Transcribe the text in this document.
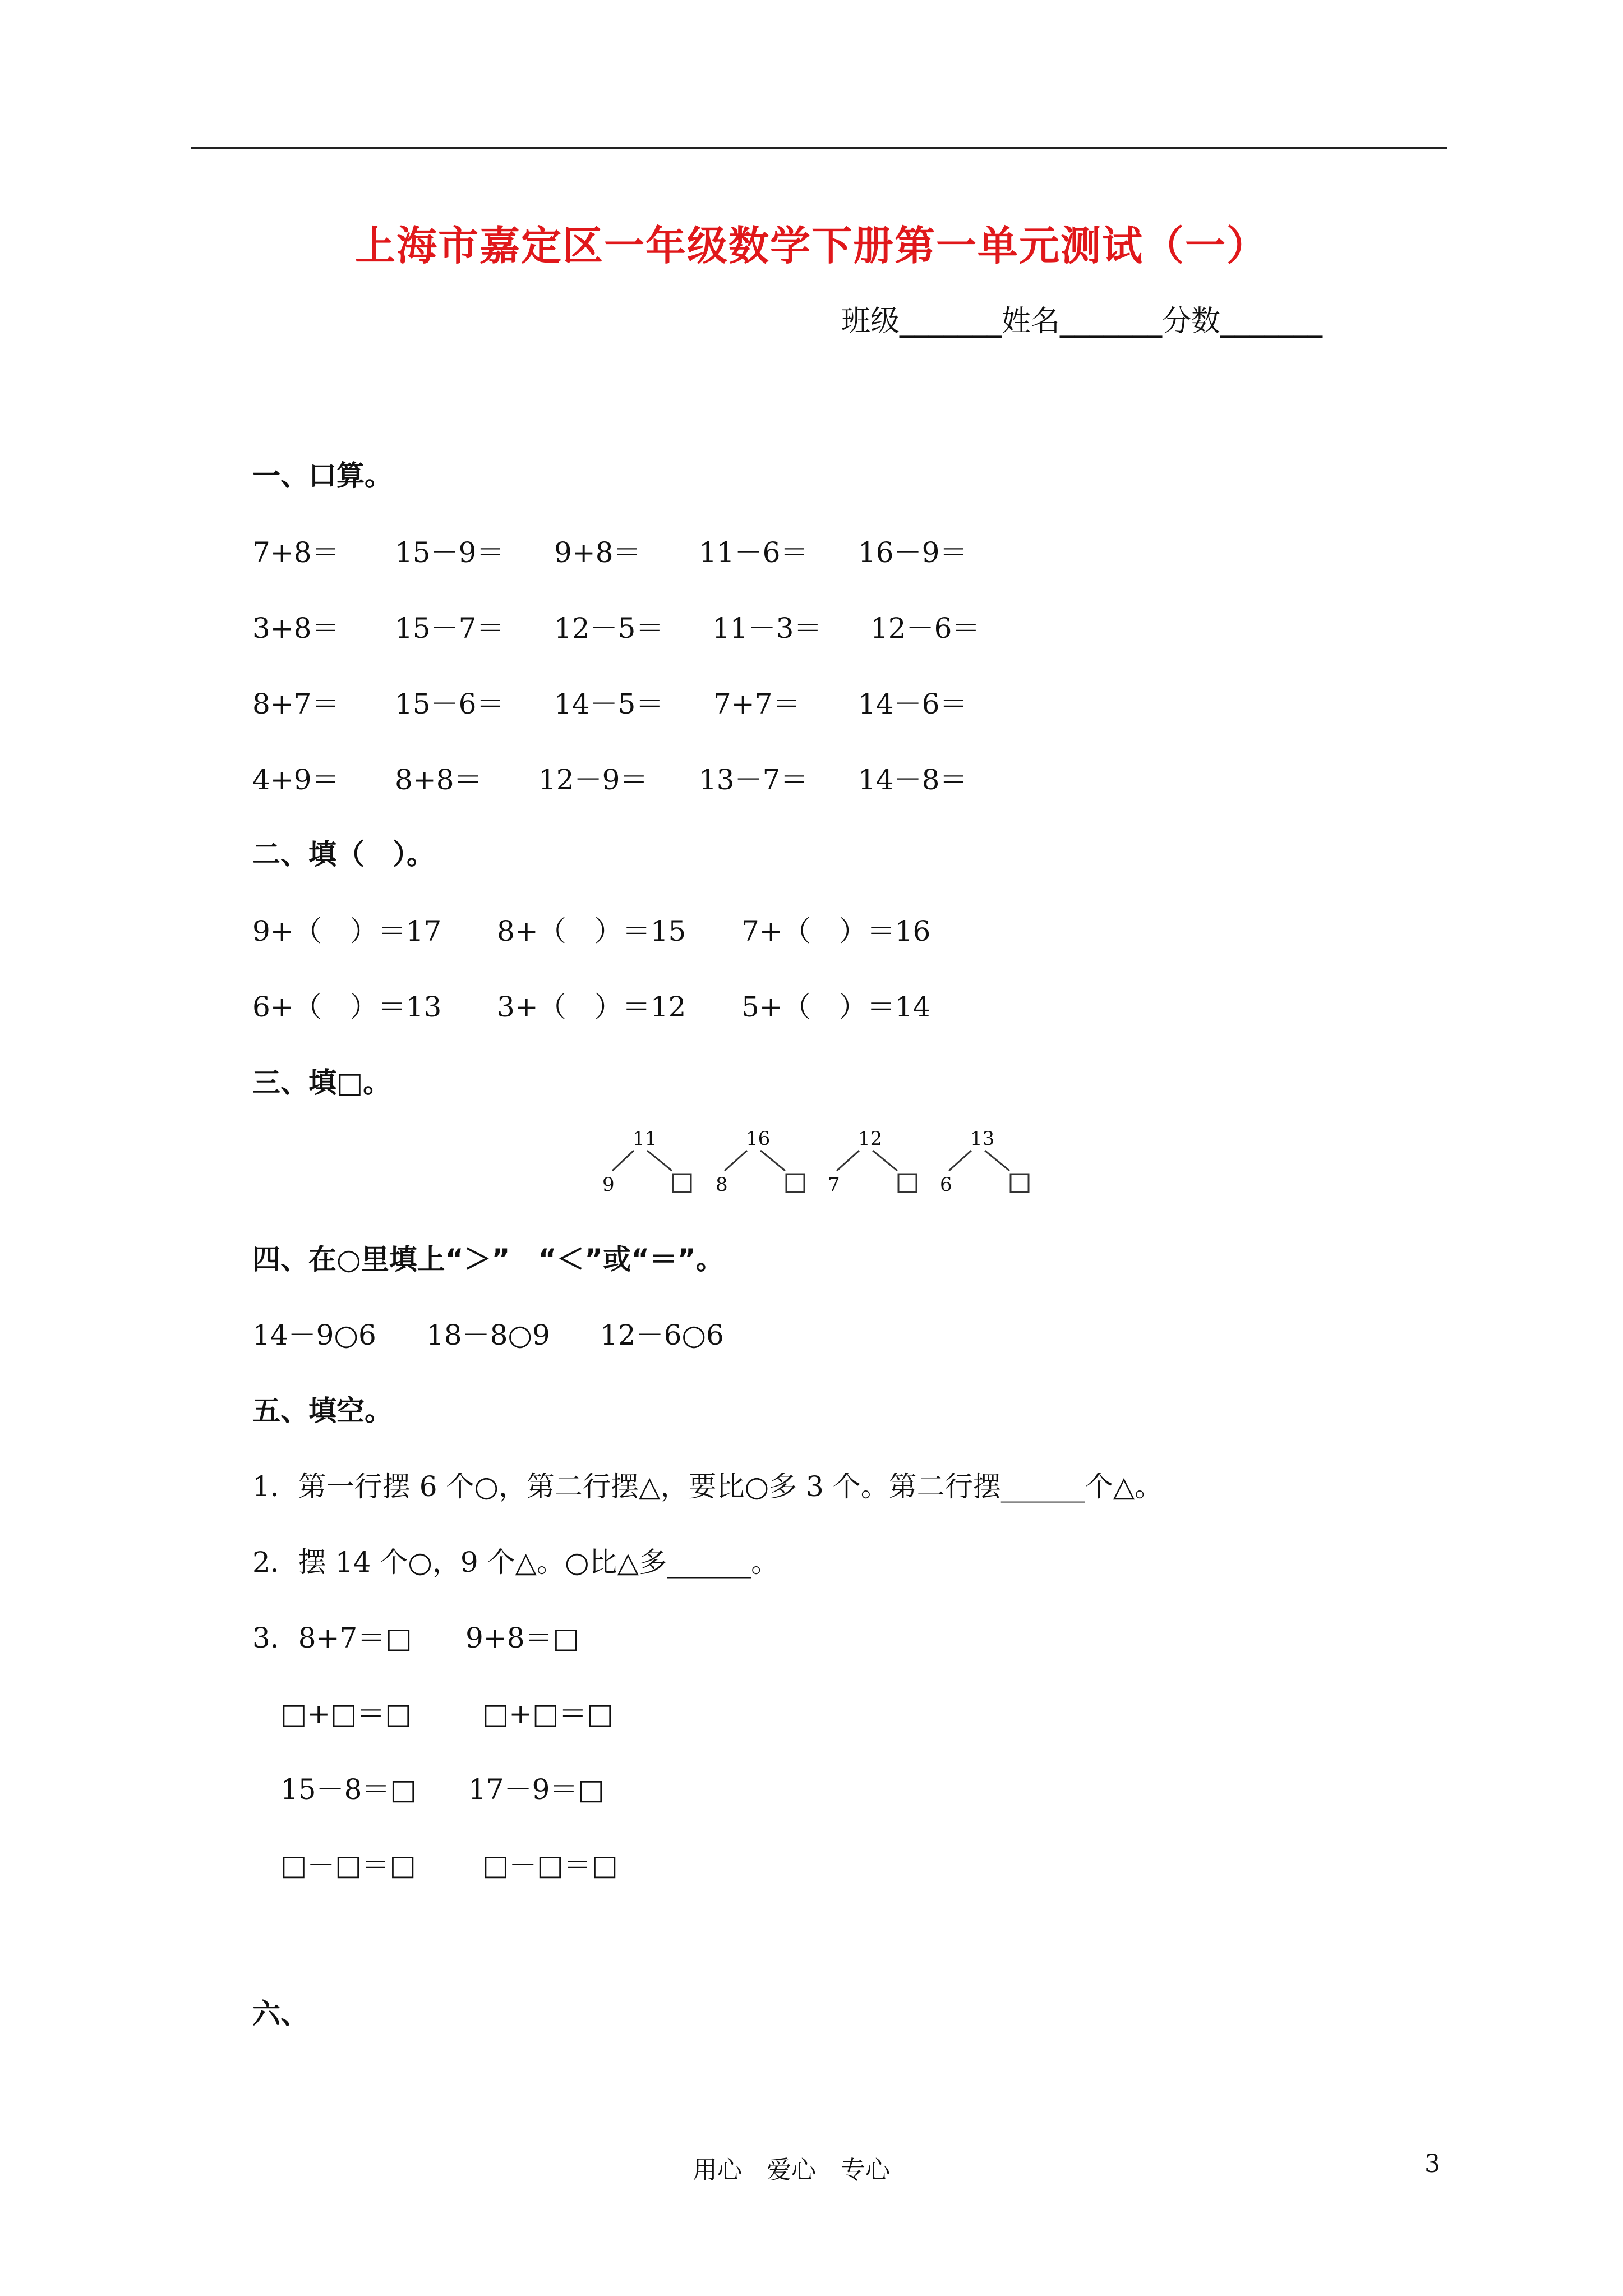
上海市嘉定区一年级数学下册第一单元测试（一）
班级_______姓名_______分数_______
一、口算。
7+8＝ 15－9＝ 9+8＝ 11－6＝ 16－9＝
3+8＝ 15－7＝ 12－5＝ 11－3＝ 12－6＝
8+7＝ 15－6＝ 14－5＝ 7+7＝ 14－6＝
4+9＝ 8+8＝ 12－9＝ 13－7＝ 14－8＝
二、填（　）。
9+（　）＝17 8+（　）＝15 7+（　）＝16
6+（　）＝13 3+（　）＝12 5+（　）＝14
三、填□。
11
9
16
8
12
7
13
6
四、在○里填上“＞”　“＜”或“＝”。
14－9○6 18－8○9 12－6○6
五、填空。
1．第一行摆 6 个○，第二行摆△，要比○多 3 个。第二行摆______个△。
2．摆 14 个○，9 个△。○比△多______。
3．8+7＝□ 9+8＝□
□+□＝□	□+□＝□
15－8＝□ 17－9＝□
□－□＝□ □－□＝□
六、
用心　爱心　专心	3
